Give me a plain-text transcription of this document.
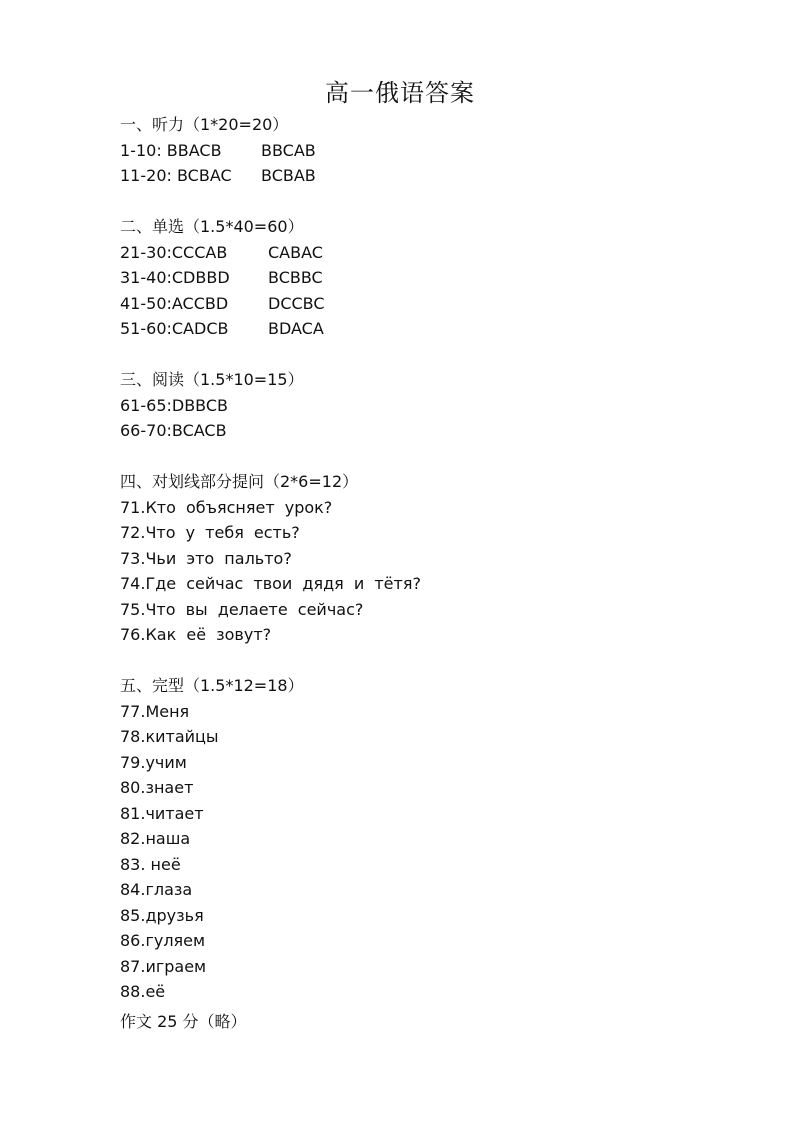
高一俄语答案
一、听力（1*20=20）
1-10: BBACB	BBCAB
11-20: BCBAC	BCBAB
二、单选（1.5*40=60）
21-30:CCCAB	CABAC
31-40:CDBBD	BCBBC
41-50:ACCBD	DCCBC
51-60:CADCB	BDACA
三、阅读（1.5*10=15）
61-65:DBBCB
66-70:BCACB
四、对划线部分提问（2*6=12）
71.Кто объясняет урок?
72.Что у тебя есть?
73.Чьи это пальто?
74.Где сейчас твои дядя и тётя?
75.Что вы делаете сейчас?
76.Как её зовут?
五、完型（1.5*12=18）
77.Меня
78.китайцы
79.учим
80.знает
81.читает
82.наша
83. неё
84.глаза
85.друзья
86.гуляем
87.играем
88.её
作文 25 分（略）
